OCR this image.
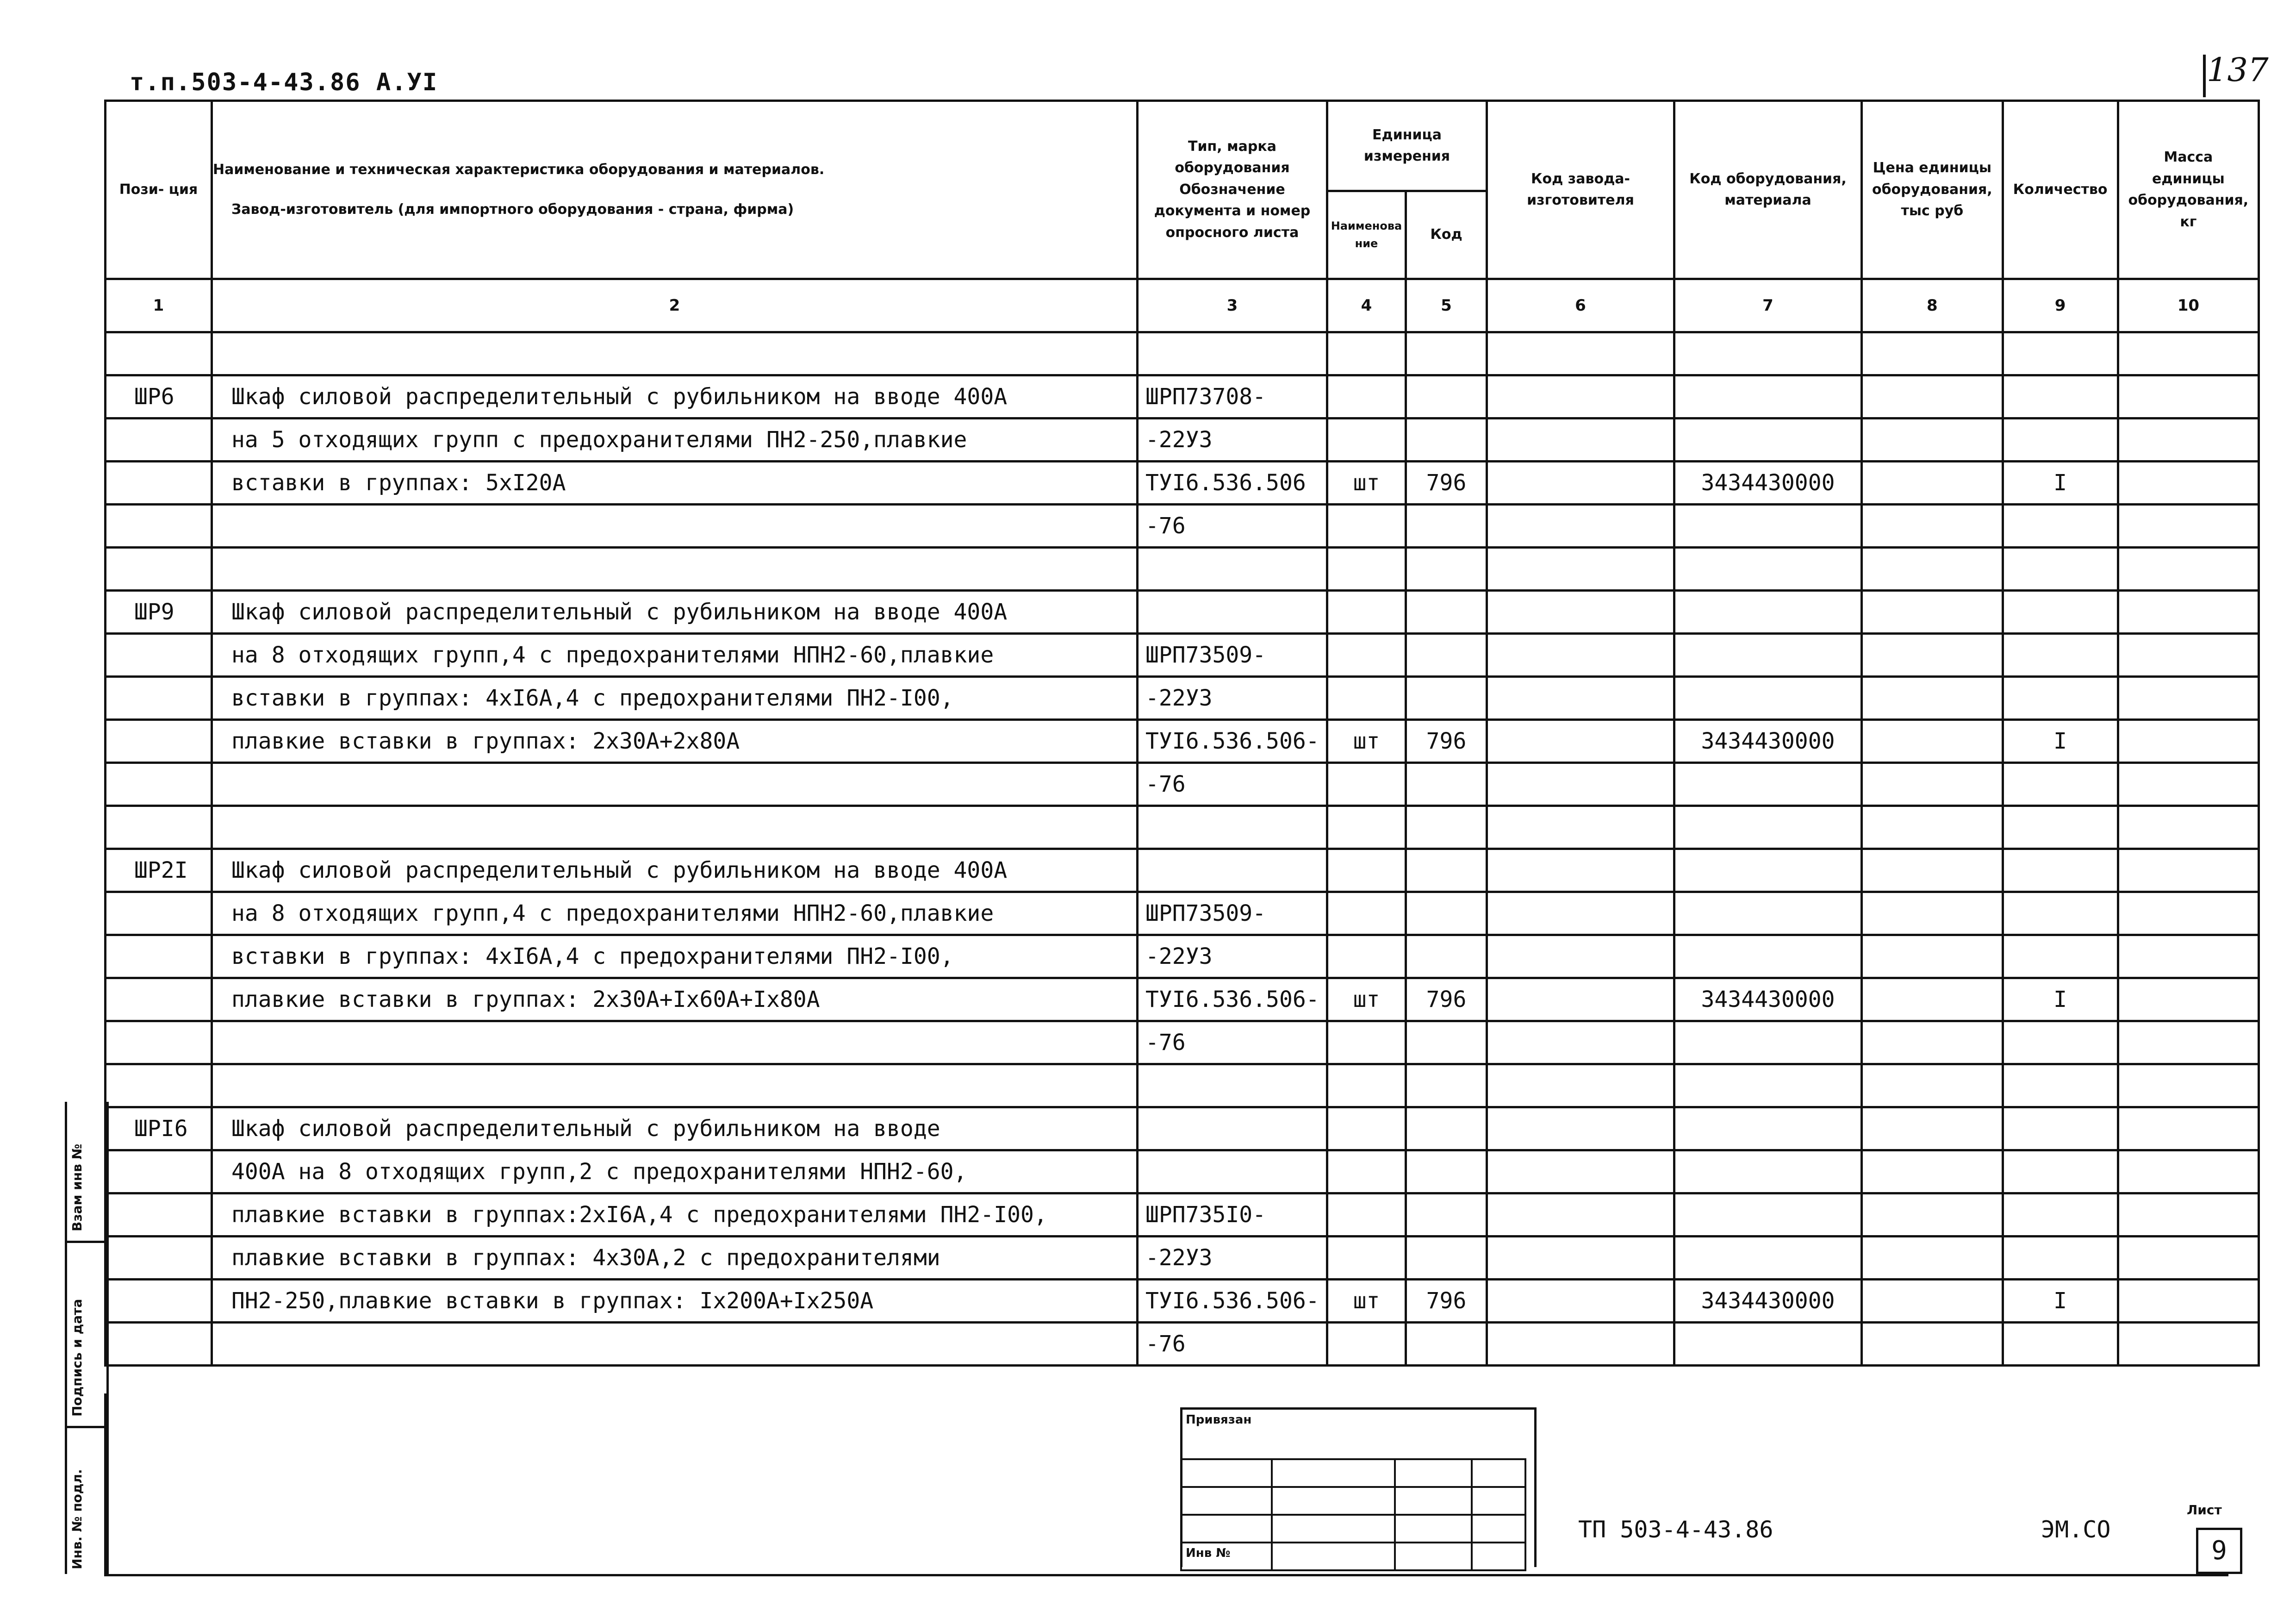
т.п.503-4-43.86 А.УI	137
Пози- ция	Наименование и техническая характеристика оборудования и материалов.
Завод-изготовитель (для импортного оборудования - страна, фирма)	Тип, марка оборудования Обозначение документа и номер опросного листа	Единица измерения		Код завода-изготовителя	Код оборудования, материала	Цена единицы оборудования, тыс руб	Количество	Масса единицы оборудования, кг
			Наименование	Код					
1	2	3	4	5	6	7	8	9	10

ШР6	Шкаф силовой распределительный с рубильником на вводе 400А	ШРП73708-							
	на 5 отходящих групп с предохранителями ПН2-250,плавкие	-22У3							
	вставки в группах: 5хI20А	ТУI6.536.506	шт	796		3434430000		I	
		-76							

ШР9	Шкаф силовой распределительный с рубильником на вводе 400А								
	на 8 отходящих групп,4 с предохранителями НПН2-60,плавкие	ШРП73509-							
	вставки в группах: 4хI6А,4 с предохранителями ПН2-I00,	-22У3							
	плавкие вставки в группах: 2х30А+2х80А	ТУI6.536.506-	шт	796		3434430000		I	
		-76							

ШР2I	Шкаф силовой распределительный с рубильником на вводе 400А								
	на 8 отходящих групп,4 с предохранителями НПН2-60,плавкие	ШРП73509-							
	вставки в группах: 4хI6А,4 с предохранителями ПН2-I00,	-22У3							
	плавкие вставки в группах: 2х30А+Iх60А+Iх80А	ТУI6.536.506-	шт	796		3434430000		I	
		-76							

ШРI6	Шкаф силовой распределительный с рубильником на вводе								
	400А на 8 отходящих групп,2 с предохранителями НПН2-60,								
	плавкие вставки в группах:2хI6А,4 с предохранителями ПН2-I00,	ШРП735I0-							
	плавкие вставки в группах: 4х30А,2 с предохранителями	-22У3							
	ПН2-250,плавкие вставки в группах: Iх200А+Iх250А	ТУI6.536.506-	шт	796		3434430000		I	
		-76							
Взам инв №
Подпись и дата
Инв. № подл.
Привязан

Инв №
ТП 503-4-43.86	ЭМ.СО
Лист
9
